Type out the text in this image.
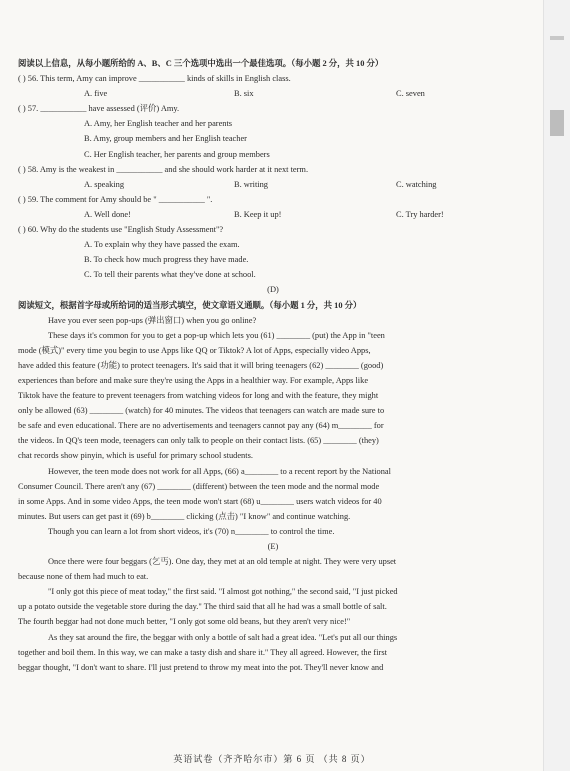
阅读以上信息，从每小题所给的 A、B、C 三个选项中选出一个最佳选项。（每小题 2 分，共 10 分）
( ) 56. This term, Amy can improve ___________ kinds of skills in English class.
A. five	B. six	C. seven
( ) 57. ___________ have assessed (评价) Amy.
A. Amy, her English teacher and her parents
B. Amy, group members and her English teacher
C. Her English teacher, her parents and group members
( ) 58. Amy is the weakest in ___________ and she should work harder at it next term.
A. speaking	B. writing	C. watching
( ) 59. The comment for Amy should be " ___________ ".
A. Well done!	B. Keep it up!	C. Try harder!
( ) 60. Why do the students use "English Study Assessment"?
A. To explain why they have passed the exam.
B. To check how much progress they have made.
C. To tell their parents what they've done at school.
(D)
阅读短文，根据首字母或所给词的适当形式填空，使文章语义通顺。（每小题 1 分，共 10 分）
Have you ever seen pop-ups (弹出窗口) when you go online?
These days it's common for you to get a pop-up which lets you (61) ________ (put) the App in "teen
mode (模式)" every time you begin to use Apps like QQ or Tiktok? A lot of Apps, especially video Apps,
have added this feature (功能) to protect teenagers. It's said that it will bring teenagers (62) ________ (good)
experiences than before and make sure they're using the Apps in a healthier way. For example, Apps like
Tiktok have the feature to prevent teenagers from watching videos for long and with the feature, they might
only be allowed (63) ________ (watch) for 40 minutes. The videos that teenagers can watch are made sure to
be safe and even educational. There are no advertisements and teenagers cannot pay any (64) m________ for
the videos. In QQ's teen mode, teenagers can only talk to people on their contact lists. (65) ________ (they)
chat records show pinyin, which is useful for primary school students.
However, the teen mode does not work for all Apps, (66) a________ to a recent report by the National
Consumer Council. There aren't any (67) ________ (different) between the teen mode and the normal mode
in some Apps. And in some video Apps, the teen mode won't start (68) u________ users watch videos for 40
minutes. But users can get past it (69) b________ clicking (点击) "I know" and continue watching.
Though you can learn a lot from short videos, it's (70) n________ to control the time.
(E)
Once there were four beggars (乞丐). One day, they met at an old temple at night. They were very upset
because none of them had much to eat.
"I only got this piece of meat today," the first said. "I almost got nothing," the second said, "I just picked
up a potato outside the vegetable store during the day." The third said that all he had was a small bottle of salt.
The fourth beggar had not done much better, "I only got some old beans, but they aren't very nice!"
As they sat around the fire, the beggar with only a bottle of salt had a great idea. "Let's put all our things
together and boil them. In this way, we can make a tasty dish and share it." They all agreed. However, the first
beggar thought, "I don't want to share. I'll just pretend to throw my meat into the pot. They'll never know and
英语试卷（齐齐哈尔市）第 6 页 （共 8 页）
